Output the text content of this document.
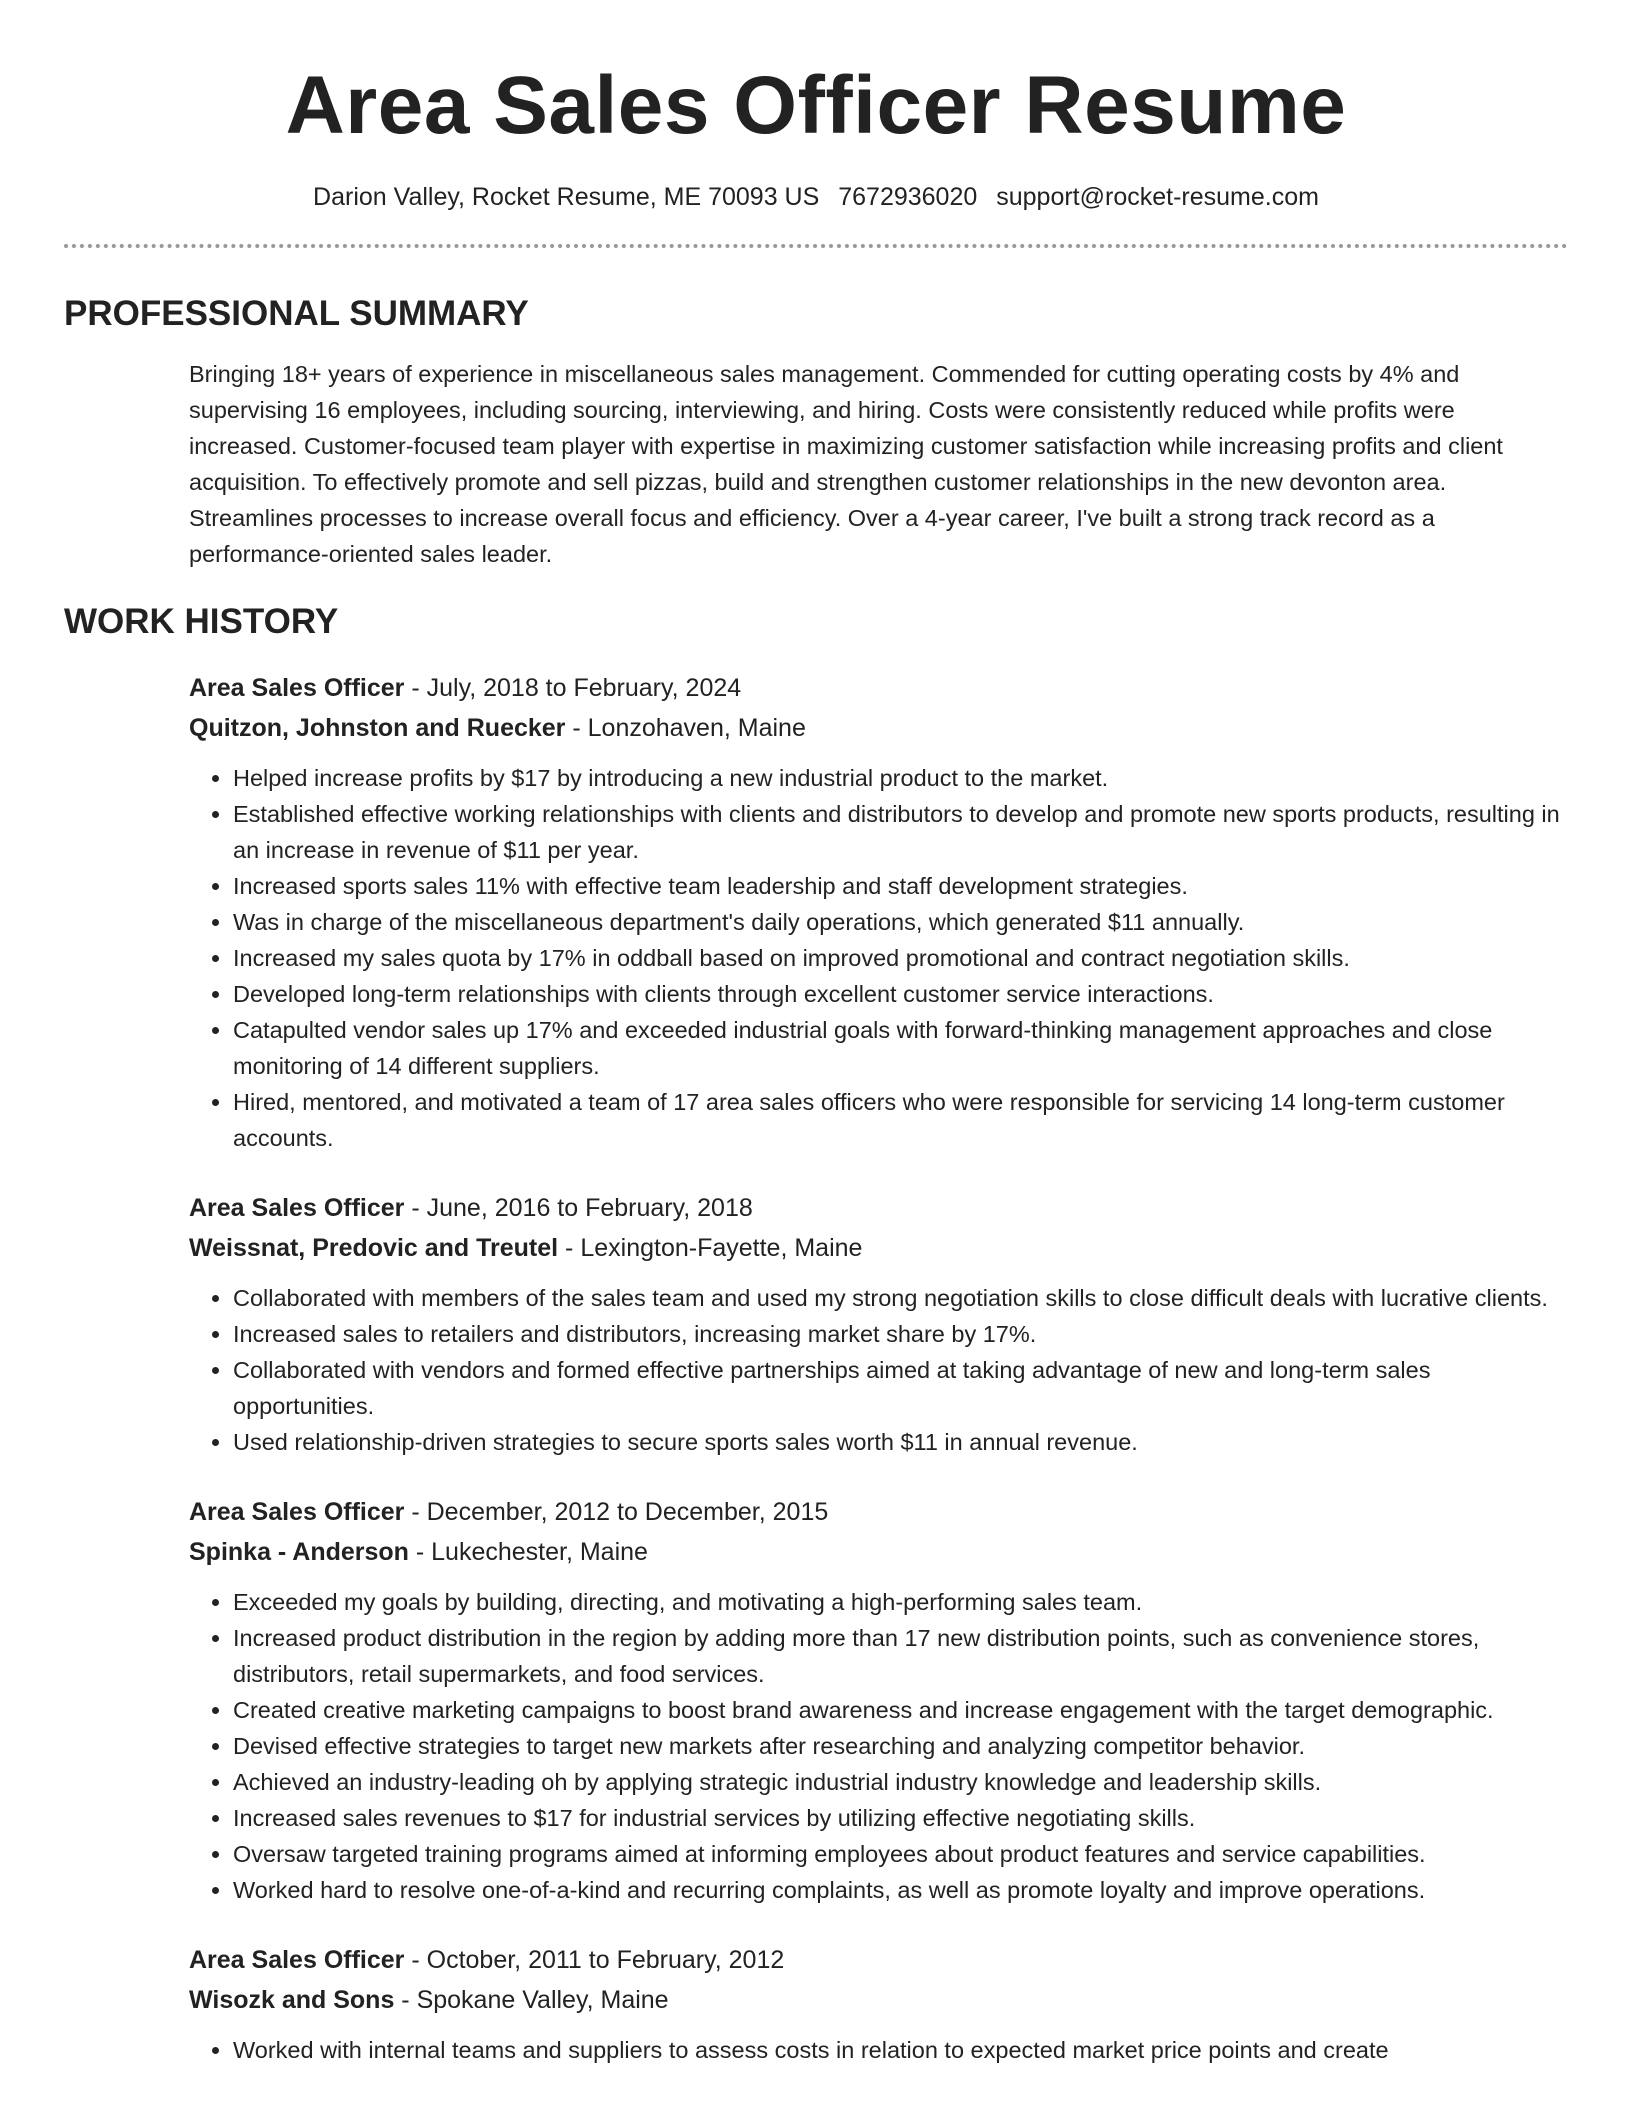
Area Sales Officer Resume
Darion Valley, Rocket Resume, ME 70093 US 7672936020 support@rocket-resume.com
PROFESSIONAL SUMMARY

Bringing 18+ years of experience in miscellaneous sales management. Commended for cutting operating costs by 4% and supervising 16 employees, including sourcing, interviewing, and hiring. Costs were consistently reduced while profits were increased. Customer-focused team player with expertise in maximizing customer satisfaction while increasing profits and client acquisition. To effectively promote and sell pizzas, build and strengthen customer relationships in the new devonton area. Streamlines processes to increase overall focus and efficiency. Over a 4-year career, I've built a strong track record as a performance-oriented sales leader.

WORK HISTORY
Area Sales Officer - July, 2018 to February, 2024
Quitzon, Johnston and Ruecker - Lonzohaven, Maine
• Helped increase profits by $17 by introducing a new industrial product to the market.
• Established effective working relationships with clients and distributors to develop and promote new sports products, resulting in an increase in revenue of $11 per year.
• Increased sports sales 11% with effective team leadership and staff development strategies.
• Was in charge of the miscellaneous department's daily operations, which generated $11 annually.
• Increased my sales quota by 17% in oddball based on improved promotional and contract negotiation skills.
• Developed long-term relationships with clients through excellent customer service interactions.
• Catapulted vendor sales up 17% and exceeded industrial goals with forward-thinking management approaches and close monitoring of 14 different suppliers.
• Hired, mentored, and motivated a team of 17 area sales officers who were responsible for servicing 14 long-term customer accounts.
Area Sales Officer - June, 2016 to February, 2018
Weissnat, Predovic and Treutel - Lexington-Fayette, Maine
• Collaborated with members of the sales team and used my strong negotiation skills to close difficult deals with lucrative clients.
• Increased sales to retailers and distributors, increasing market share by 17%.
• Collaborated with vendors and formed effective partnerships aimed at taking advantage of new and long-term sales opportunities.
• Used relationship-driven strategies to secure sports sales worth $11 in annual revenue.
Area Sales Officer - December, 2012 to December, 2015
Spinka - Anderson - Lukechester, Maine
• Exceeded my goals by building, directing, and motivating a high-performing sales team.
• Increased product distribution in the region by adding more than 17 new distribution points, such as convenience stores, distributors, retail supermarkets, and food services.
• Created creative marketing campaigns to boost brand awareness and increase engagement with the target demographic.
• Devised effective strategies to target new markets after researching and analyzing competitor behavior.
• Achieved an industry-leading oh by applying strategic industrial industry knowledge and leadership skills.
• Increased sales revenues to $17 for industrial services by utilizing effective negotiating skills.
• Oversaw targeted training programs aimed at informing employees about product features and service capabilities.
• Worked hard to resolve one-of-a-kind and recurring complaints, as well as promote loyalty and improve operations.
Area Sales Officer - October, 2011 to February, 2012
Wisozk and Sons - Spokane Valley, Maine
• Worked with internal teams and suppliers to assess costs in relation to expected market price points and create
